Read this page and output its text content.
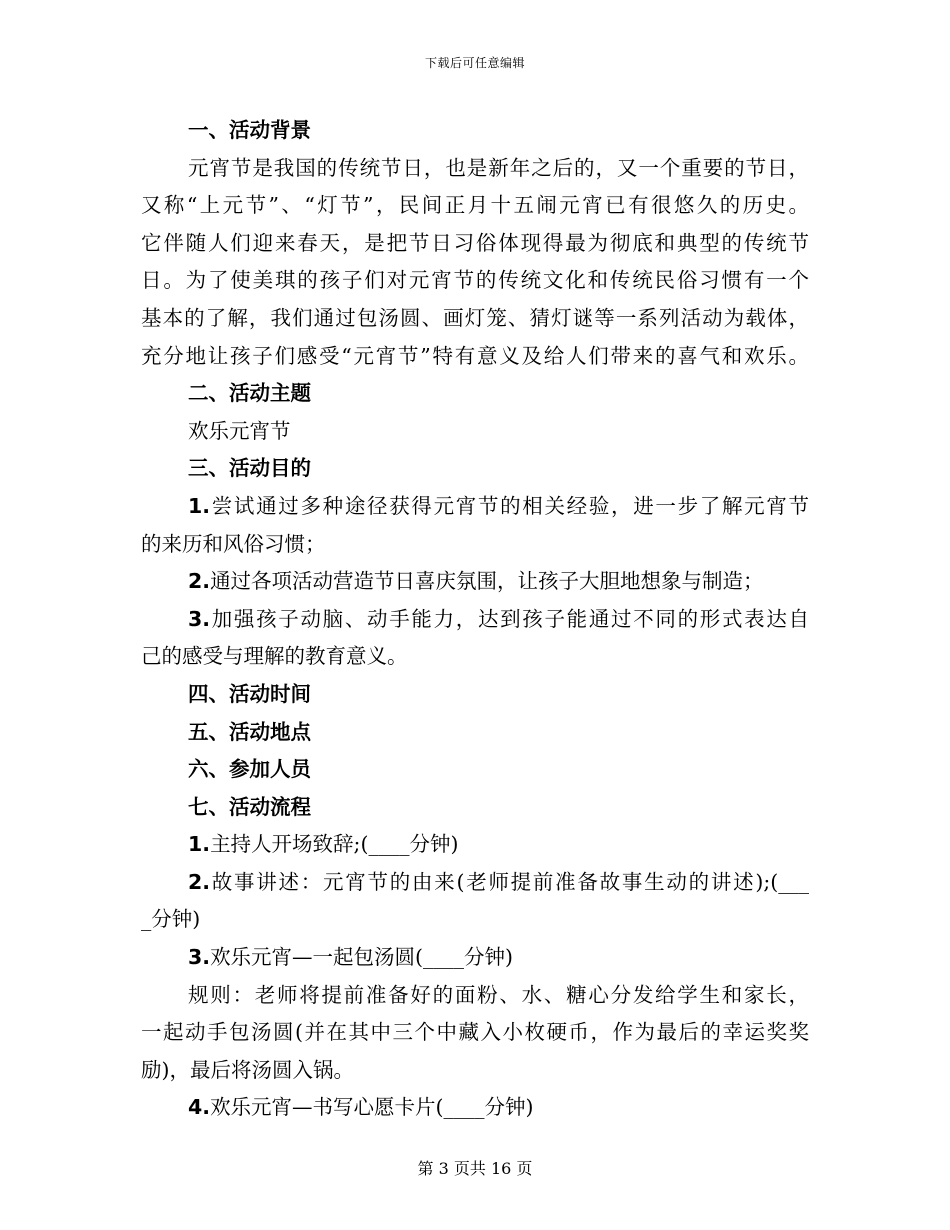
下载后可任意编辑
一、活动背景
元宵节是我国的传统节日，也是新年之后的，又一个重要的节日，
又称“上元节”、“灯节”，民间正月十五闹元宵已有很悠久的历史。
它伴随人们迎来春天，是把节日习俗体现得最为彻底和典型的传统节
日。为了使美琪的孩子们对元宵节的传统文化和传统民俗习惯有一个
基本的了解，我们通过包汤圆、画灯笼、猜灯谜等一系列活动为载体，
充分地让孩子们感受“元宵节”特有意义及给人们带来的喜气和欢乐。
二、活动主题
欢乐元宵节
三、活动目的
1.尝试通过多种途径获得元宵节的相关经验，进一步了解元宵节
的来历和风俗习惯；
2.通过各项活动营造节日喜庆氛围，让孩子大胆地想象与制造；
3.加强孩子动脑、动手能力，达到孩子能通过不同的形式表达自
己的感受与理解的教育意义。
四、活动时间
五、活动地点
六、参加人员
七、活动流程
1.主持人开场致辞;(____分钟)
2.故事讲述：元宵节的由来(老师提前准备故事生动的讲述);(___
_分钟)
3.欢乐元宵—一起包汤圆(____分钟)
规则：老师将提前准备好的面粉、水、糖心分发给学生和家长，
一起动手包汤圆(并在其中三个中藏入小枚硬币，作为最后的幸运奖奖
励)，最后将汤圆入锅。
4.欢乐元宵—书写心愿卡片(____分钟)
第 3 页共 16 页
